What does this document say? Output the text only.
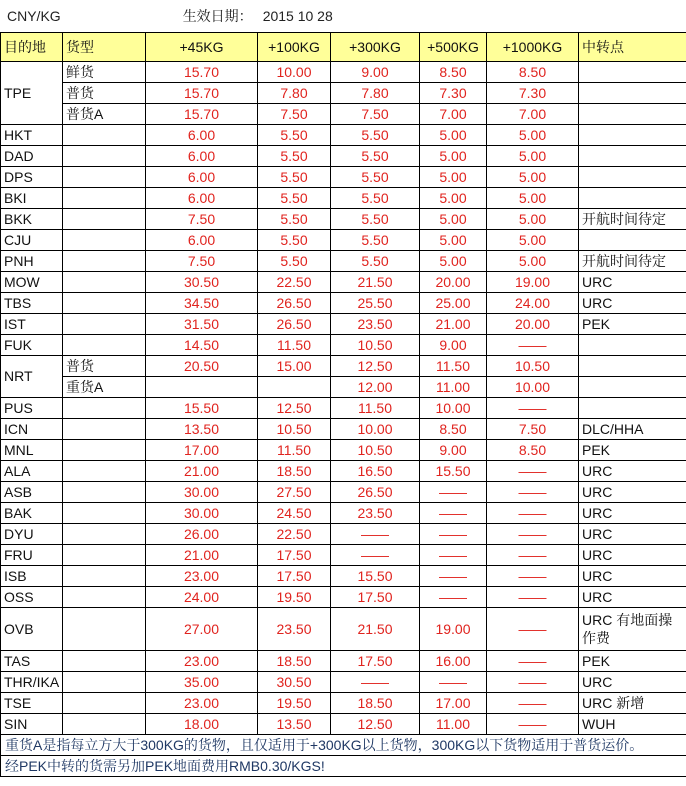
CNY/KG	生效日期： 2015 10 28
目的地	货型	+45KG	+100KG	+300KG	+500KG	+1000KG	中转点
TPE	鲜货	15.70	10.00	9.00	8.50	8.50	
	普货	15.70	7.80	7.80	7.30	7.30	
	普货A	15.70	7.50	7.50	7.00	7.00	
HKT		6.00	5.50	5.50	5.00	5.00	
DAD		6.00	5.50	5.50	5.00	5.00	
DPS		6.00	5.50	5.50	5.00	5.00	
BKI		6.00	5.50	5.50	5.00	5.00	
BKK		7.50	5.50	5.50	5.00	5.00	开航时间待定
CJU		6.00	5.50	5.50	5.00	5.00	
PNH		7.50	5.50	5.50	5.00	5.00	开航时间待定
MOW		30.50	22.50	21.50	20.00	19.00	URC
TBS		34.50	26.50	25.50	25.00	24.00	URC
IST		31.50	26.50	23.50	21.00	20.00	PEK
FUK		14.50	11.50	10.50	9.00	——	
NRT	普货	20.50	15.00	12.50	11.50	10.50	
	重货A			12.00	11.00	10.00	
PUS		15.50	12.50	11.50	10.00	——	
ICN		13.50	10.50	10.00	8.50	7.50	DLC/HHA
MNL		17.00	11.50	10.50	9.00	8.50	PEK
ALA		21.00	18.50	16.50	15.50	——	URC
ASB		30.00	27.50	26.50	——	——	URC
BAK		30.00	24.50	23.50	——	——	URC
DYU		26.00	22.50	——	——	——	URC
FRU		21.00	17.50	——	——	——	URC
ISB		23.00	17.50	15.50	——	——	URC
OSS		24.00	19.50	17.50	——	——	URC
OVB		27.00	23.50	21.50	19.00	——	URC 有地面操作费
TAS		23.00	18.50	17.50	16.00	——	PEK
THR/IKA		35.00	30.50	——	——	——	URC
TSE		23.00	19.50	18.50	17.00	——	URC 新增
SIN		18.00	13.50	12.50	11.00	——	WUH
重货A是指每立方大于300KG的货物，且仅适用于+300KG以上货物，300KG以下货物适用于普货运价。							
经PEK中转的货需另加PEK地面费用RMB0.30/KGS!							
